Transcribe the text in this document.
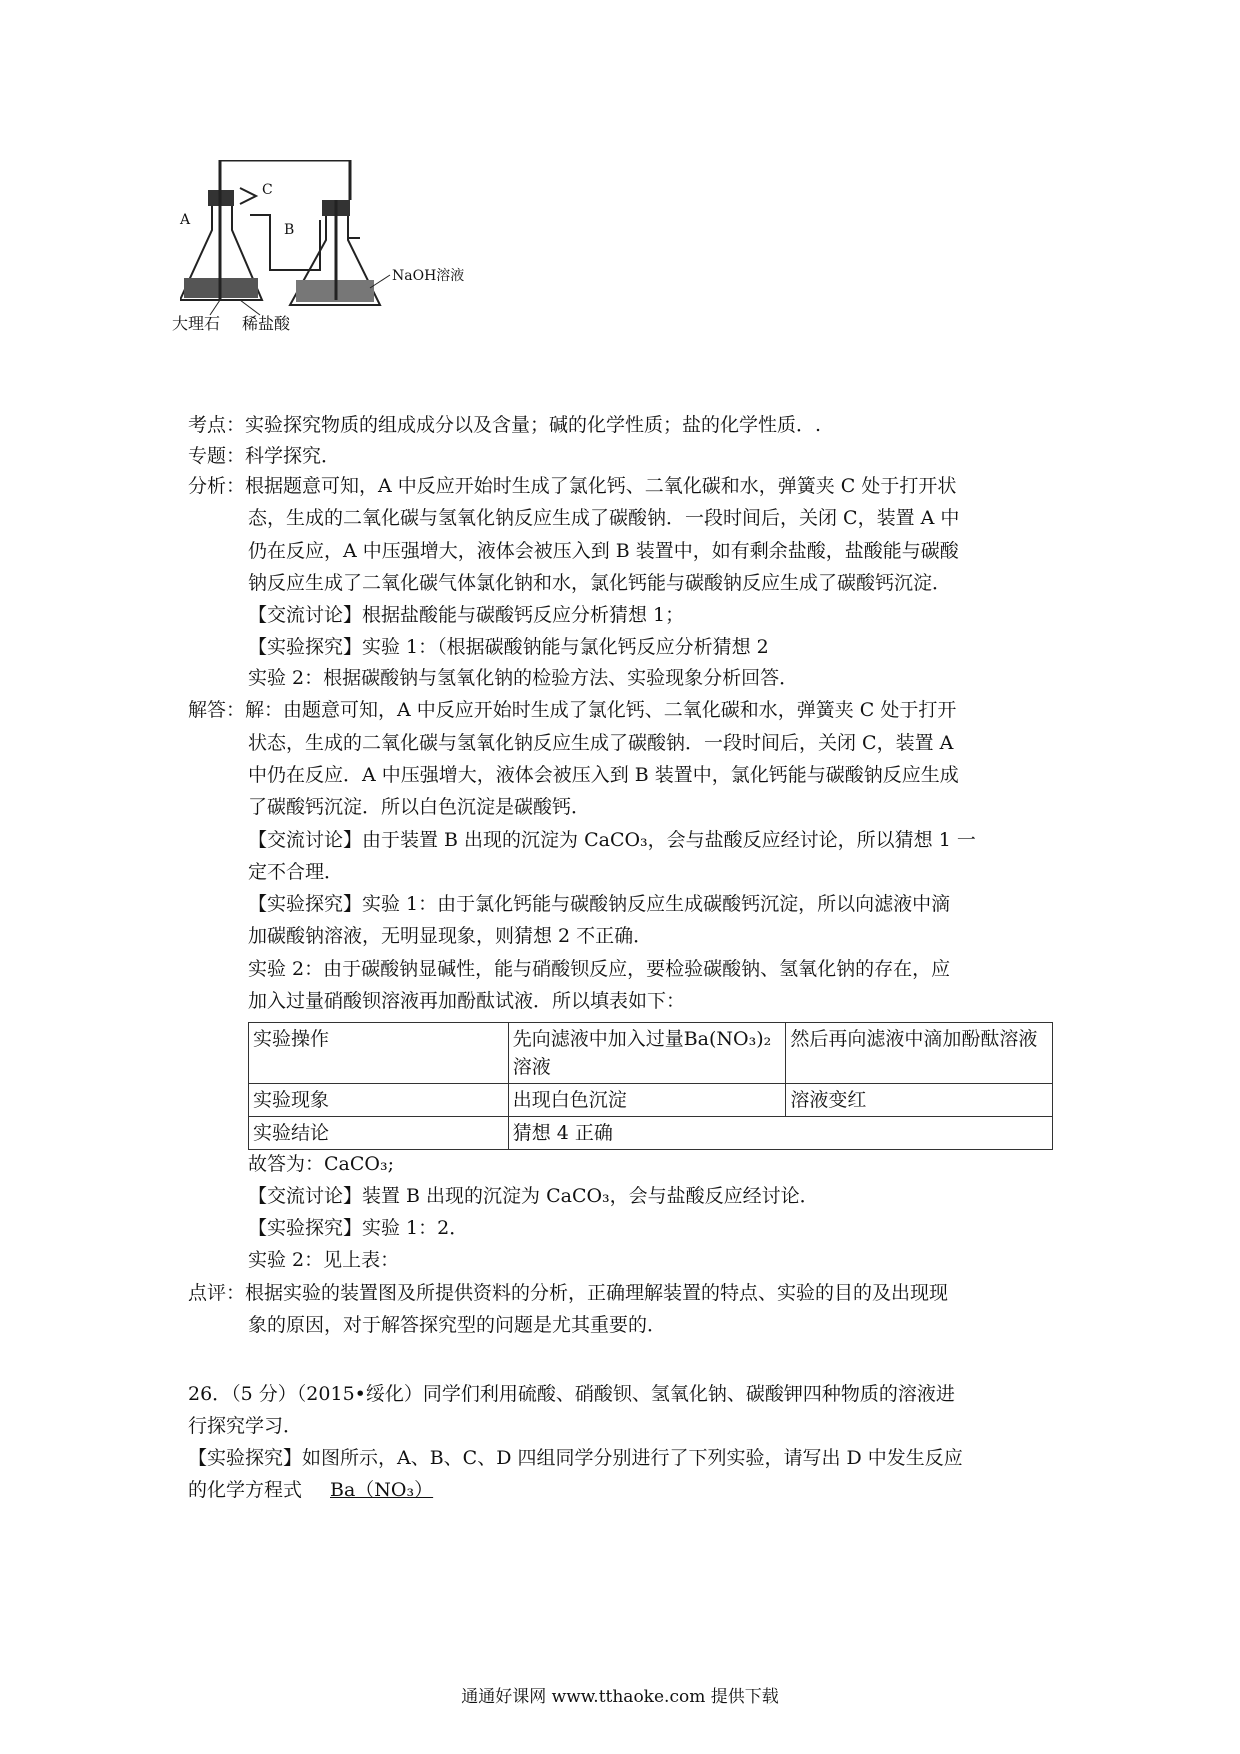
A
C
B
NaOH溶液
大理石 稀盐酸
考点：实验探究物质的组成成分以及含量；碱的化学性质；盐的化学性质．.
专题：科学探究．
分析：根据题意可知，A 中反应开始时生成了氯化钙、二氧化碳和水，弹簧夹 C 处于打开状
态，生成的二氧化碳与氢氧化钠反应生成了碳酸钠．一段时间后，关闭 C，装置 A 中
仍在反应，A 中压强增大，液体会被压入到 B 装置中，如有剩余盐酸，盐酸能与碳酸
钠反应生成了二氧化碳气体氯化钠和水，氯化钙能与碳酸钠反应生成了碳酸钙沉淀．
【交流讨论】根据盐酸能与碳酸钙反应分析猜想 1；
【实验探究】实验 1：（根据碳酸钠能与氯化钙反应分析猜想 2
实验 2：根据碳酸钠与氢氧化钠的检验方法、实验现象分析回答．
解答：解：由题意可知，A 中反应开始时生成了氯化钙、二氧化碳和水，弹簧夹 C 处于打开
状态，生成的二氧化碳与氢氧化钠反应生成了碳酸钠．一段时间后，关闭 C，装置 A
中仍在反应．A 中压强增大，液体会被压入到 B 装置中，氯化钙能与碳酸钠反应生成
了碳酸钙沉淀．所以白色沉淀是碳酸钙．
【交流讨论】由于装置 B 出现的沉淀为 CaCO₃，会与盐酸反应经讨论，所以猜想 1 一
定不合理．
【实验探究】实验 1：由于氯化钙能与碳酸钠反应生成碳酸钙沉淀，所以向滤液中滴
加碳酸钠溶液，无明显现象，则猜想 2 不正确．
实验 2：由于碳酸钠显碱性，能与硝酸钡反应，要检验碳酸钠、氢氧化钠的存在，应
加入过量硝酸钡溶液再加酚酞试液．所以填表如下：
实验操作	先向滤液中加入过量Ba(NO₃)₂溶液	然后再向滤液中滴加酚酞溶液
实验现象	出现白色沉淀	溶液变红
实验结论	猜想 4 正确	
故答为：CaCO₃;
【交流讨论】装置 B 出现的沉淀为 CaCO₃，会与盐酸反应经讨论．
【实验探究】实验 1：2．
实验 2：见上表：
点评：根据实验的装置图及所提供资料的分析，正确理解装置的特点、实验的目的及出现现
象的原因，对于解答探究型的问题是尤其重要的．
26．（5 分）（2015•绥化）同学们利用硫酸、硝酸钡、氢氧化钠、碳酸钾四种物质的溶液进
行探究学习．
【实验探究】如图所示，A、B、C、D 四组同学分别进行了下列实验，请写出 D 中发生反应
的化学方程式	Ba（NO₃）
通通好课网 www.tthaoke.com 提供下载
